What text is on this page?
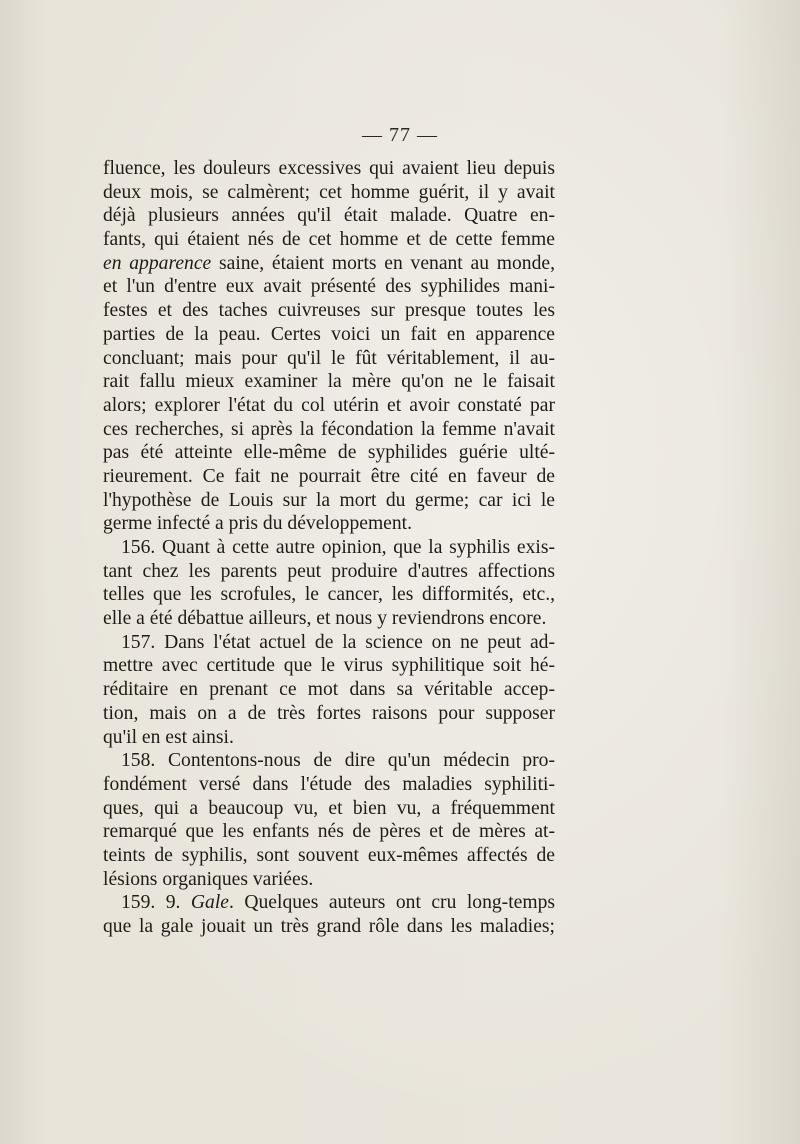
— 77 —
fluence, les douleurs excessives qui avaient lieu depuis
deux mois, se calmèrent; cet homme guérit, il y avait
déjà plusieurs années qu'il était malade. Quatre en-
fants, qui étaient nés de cet homme et de cette femme
en apparence saine, étaient morts en venant au monde,
et l'un d'entre eux avait présenté des syphilides mani-
festes et des taches cuivreuses sur presque toutes les
parties de la peau. Certes voici un fait en apparence
concluant; mais pour qu'il le fût véritablement, il au-
rait fallu mieux examiner la mère qu'on ne le faisait
alors; explorer l'état du col utérin et avoir constaté par
ces recherches, si après la fécondation la femme n'avait
pas été atteinte elle-même de syphilides guérie ulté-
rieurement. Ce fait ne pourrait être cité en faveur de
l'hypothèse de Louis sur la mort du germe; car ici le
germe infecté a pris du développement.
156. Quant à cette autre opinion, que la syphilis exis-
tant chez les parents peut produire d'autres affections
telles que les scrofules, le cancer, les difformités, etc.,
elle a été débattue ailleurs, et nous y reviendrons encore.
157. Dans l'état actuel de la science on ne peut ad-
mettre avec certitude que le virus syphilitique soit hé-
réditaire en prenant ce mot dans sa véritable accep-
tion, mais on a de très fortes raisons pour supposer
qu'il en est ainsi.
158. Contentons-nous de dire qu'un médecin pro-
fondément versé dans l'étude des maladies syphiliti-
ques, qui a beaucoup vu, et bien vu, a fréquemment
remarqué que les enfants nés de pères et de mères at-
teints de syphilis, sont souvent eux-mêmes affectés de
lésions organiques variées.
159. 9. Gale. Quelques auteurs ont cru long-temps
que la gale jouait un très grand rôle dans les maladies;
